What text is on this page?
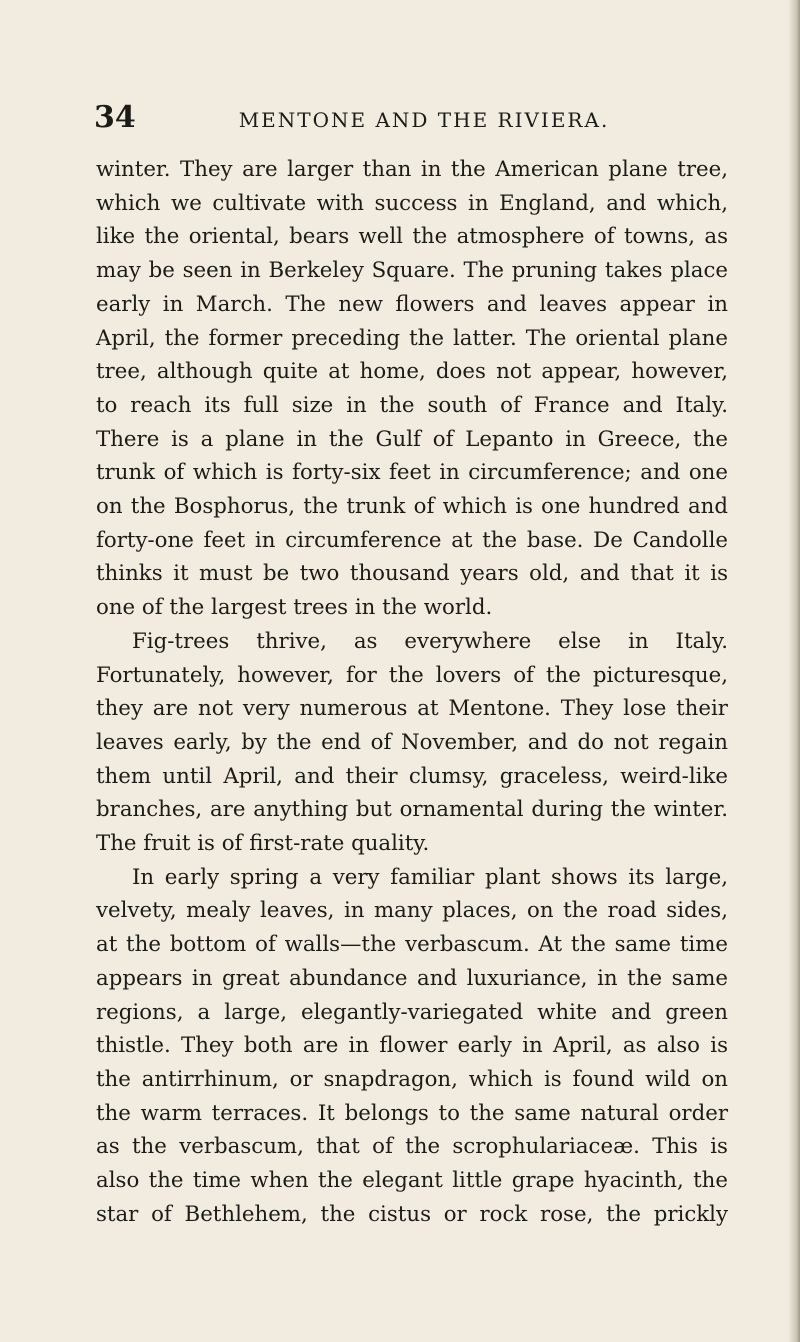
34	MENTONE AND THE RIVIERA.

winter. They are larger than in the American plane tree, which we cultivate with success in England, and which, like the oriental, bears well the atmosphere of towns, as may be seen in Berkeley Square. The pruning takes place early in March. The new flowers and leaves appear in April, the former preceding the latter. The oriental plane tree, although quite at home, does not appear, however, to reach its full size in the south of France and Italy. There is a plane in the Gulf of Lepanto in Greece, the trunk of which is forty-six feet in circumference; and one on the Bosphorus, the trunk of which is one hundred and forty-one feet in circumference at the base. De Candolle thinks it must be two thousand years old, and that it is one of the largest trees in the world.

Fig-trees thrive, as everywhere else in Italy. Fortunately, however, for the lovers of the picturesque, they are not very numerous at Mentone. They lose their leaves early, by the end of November, and do not regain them until April, and their clumsy, graceless, weird-like branches, are anything but ornamental during the winter. The fruit is of first-rate quality.

In early spring a very familiar plant shows its large, velvety, mealy leaves, in many places, on the road sides, at the bottom of walls—the verbascum. At the same time appears in great abundance and luxuriance, in the same regions, a large, elegantly-variegated white and green thistle. They both are in flower early in April, as also is the antirrhinum, or snapdragon, which is found wild on the warm terraces. It belongs to the same natural order as the verbascum, that of the scrophulariaceæ. This is also the time when the elegant little grape hyacinth, the star of Bethlehem, the cistus or rock rose, the prickly
